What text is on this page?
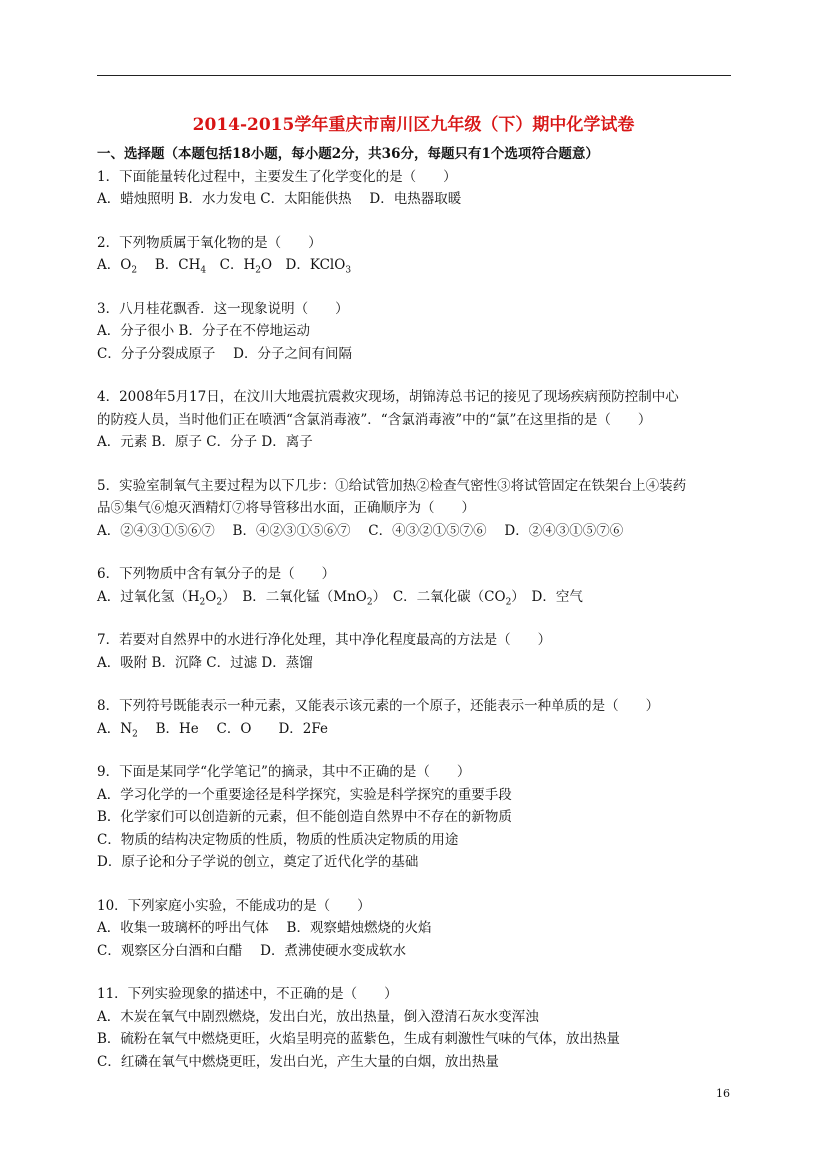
2014-2015学年重庆市南川区九年级（下）期中化学试卷
一、选择题（本题包括18小题，每小题2分，共36分，每题只有1个选项符合题意）
1．下面能量转化过程中，主要发生了化学变化的是（　　）
A．蜡烛照明 B．水力发电 C．太阳能供热　 D．电热器取暖
2．下列物质属于氧化物的是（　　）
A．$O_2$　 B．$CH_4$　C．$H_2O$　D．KClO$_3$
3．八月桂花飘香．这一现象说明（　　）
A．分子很小 B．分子在不停地运动
C．分子分裂成原子　 D．分子之间有间隔
4．2008年5月17日，在汶川大地震抗震救灾现场，胡锦涛总书记的接见了现场疾病预防控制中心
的防疫人员，当时他们正在喷洒“含氯消毒液”．“含氯消毒液”中的“氯”在这里指的是（　　）
A．元素 B．原子 C．分子 D．离子
5．实验室制氧气主要过程为以下几步：①给试管加热②检查气密性③将试管固定在铁架台上④装药
品⑤集气⑥熄灭酒精灯⑦将导管移出水面，正确顺序为（　　）
A．②④③①⑤⑥⑦　 B．④②③①⑤⑥⑦　 C．④③②①⑤⑦⑥　 D．②④③①⑤⑦⑥
6．下列物质中含有氧分子的是（　　）
A．过氧化氢$(H_2O_2)$　B．二氧化锰（MnO$_2$）　C．二氧化碳$(CO_2)$　D．空气
7．若要对自然界中的水进行净化处理，其中净化程度最高的方法是（　　）
A．吸附 B．沉降 C．过滤 D．蒸馏
8．下列符号既能表示一种元素，又能表示该元素的一个原子，还能表示一种单质的是（　　）
A．$N_2$　 B．He　 C．O　　D．2Fe
9．下面是某同学“化学笔记”的摘录，其中不正确的是（　　）
A．学习化学的一个重要途径是科学探究，实验是科学探究的重要手段
B．化学家们可以创造新的元素，但不能创造自然界中不存在的新物质
C．物质的结构决定物质的性质，物质的性质决定物质的用途
D．原子论和分子学说的创立，奠定了近代化学的基础
10．下列家庭小实验，不能成功的是（　　）
A．收集一玻璃杯的呼出气体　 B．观察蜡烛燃烧的火焰
C．观察区分白酒和白醋　 D．煮沸使硬水变成软水
11．下列实验现象的描述中，不正确的是（　　）
A．木炭在氧气中剧烈燃烧，发出白光，放出热量，倒入澄清石灰水变浑浊
B．硫粉在氧气中燃烧更旺，火焰呈明亮的蓝紫色，生成有刺激性气味的气体，放出热量
C．红磷在氧气中燃烧更旺，发出白光，产生大量的白烟，放出热量
16
